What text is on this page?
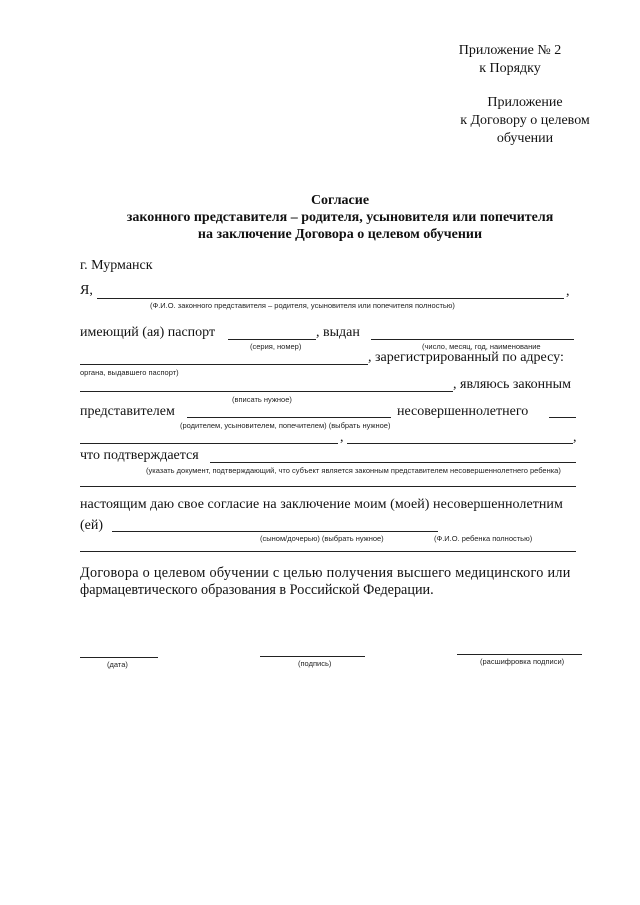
Приложение № 2
к Порядку
Приложение
к Договору о целевом
обучении
Согласие
законного представителя – родителя, усыновителя или попечителя
на заключение Договора о целевом обучении
г. Мурманск
Я,	,
(Ф.И.О. законного представителя – родителя, усыновителя или попечителя полностью)
имеющий (ая) паспорт	, выдан
(серия, номер)	(число, месяц, год, наименование
, зарегистрированный по адресу:
органа, выдавшего паспорт)
, являюсь законным
(вписать нужное)
представителем	несовершеннолетнего
(родителем, усыновителем, попечителем) (выбрать нужное)
,	,
что подтверждается
(указать документ, подтверждающий, что субъект является законным представителем несовершеннолетнего ребенка)
настоящим даю свое согласие на заключение моим (моей) несовершеннолетним
(ей)
(сыном/дочерью) (выбрать нужное)	(Ф.И.О. ребенка полностью)
Договора о целевом обучении с целью получения высшего медицинского или
фармацевтического образования в Российской Федерации.
(дата)	(подпись)	(расшифровка подписи)
